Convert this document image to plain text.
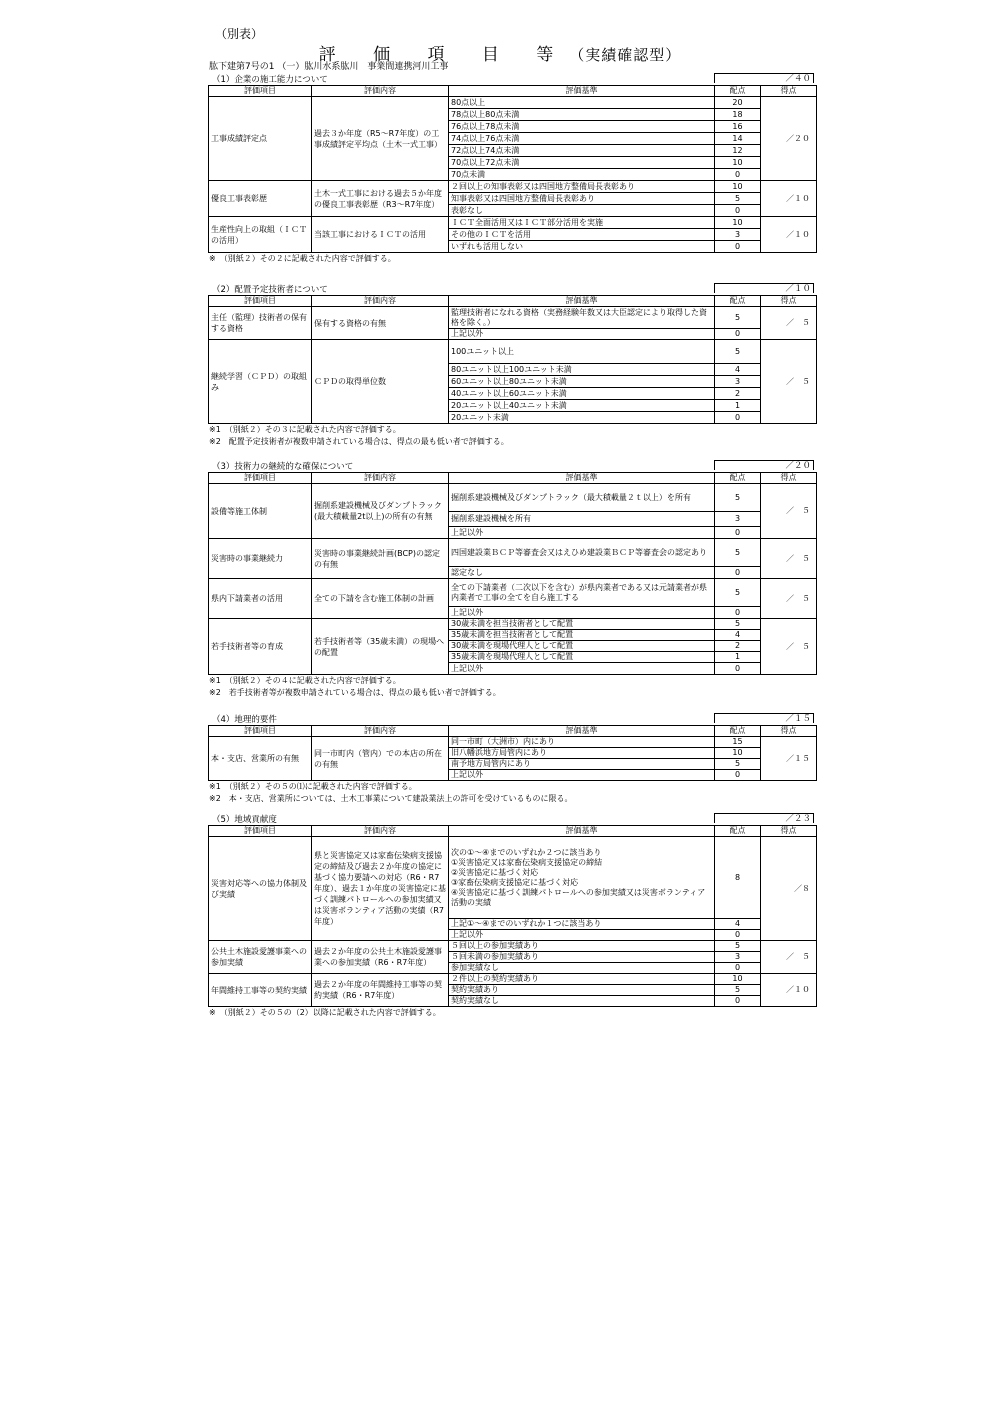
（別表）
評 価 項 目 等（実績確認型）
肱下建第7号の1 （一）肱川水系肱川　事業間連携河川工事
（1）企業の施工能力について	／４０
評価項目	評価内容	評価基準	配点	得点
工事成績評定点	過去３か年度（R5～R7年度）の工事成績評定平均点（土木一式工事）	80点以上	20	／２０
		78点以上80点未満	18	
		76点以上78点未満	16	
		74点以上76点未満	14	
		72点以上74点未満	12	
		70点以上72点未満	10	
		70点未満	0	
優良工事表彰歴	土木一式工事における過去５か年度の優良工事表彰歴（R3～R7年度）	２回以上の知事表彰又は四国地方整備局長表彰あり	10	／１０
		知事表彰又は四国地方整備局長表彰あり	5	
		表彰なし	0	
生産性向上の取組（ＩＣＴの活用）	当該工事におけるＩＣＴの活用	ＩＣＴ全面活用又はＩＣＴ部分活用を実施	10	／１０
		その他のＩＣＴを活用	3	
		いずれも活用しない	0	
※　（別紙２）その２に記載された内容で評価する。
（2）配置予定技術者について	／１０
評価項目	評価内容	評価基準	配点	得点
主任（監理）技術者の保有する資格	保有する資格の有無	監理技術者になれる資格（実務経験年数又は大臣認定により取得した資格を除く。）	5	／　５
		上記以外	0	
継続学習（ＣＰＤ）の取組み	ＣＰＤの取得単位数	100ユニット以上	5	／　５
		80ユニット以上100ユニット未満	4	
		60ユニット以上80ユニット未満	3	
		40ユニット以上60ユニット未満	2	
		20ユニット以上40ユニット未満	1	
		20ユニット未満	0	
※1　（別紙２）その３に記載された内容で評価する。
※2　配置予定技術者が複数申請されている場合は、得点の最も低い者で評価する。
（3）技術力の継続的な確保について	／２０
評価項目	評価内容	評価基準	配点	得点
設備等施工体制	掘削系建設機械及びダンプトラック(最大積載量2t以上)の所有の有無	掘削系建設機械及びダンプトラック（最大積載量２ｔ以上）を所有	5	／　５
		掘削系建設機械を所有	3	
		上記以外	0	
災害時の事業継続力	災害時の事業継続計画(BCP)の認定の有無	四国建設業ＢＣＰ等審査会又はえひめ建設業ＢＣＰ等審査会の認定あり	5	／　５
		認定なし	0	
県内下請業者の活用	全ての下請を含む施工体制の計画	全ての下請業者（二次以下を含む）が県内業者である又は元請業者が県内業者で工事の全てを自ら施工する	5	／　５
		上記以外	0	
若手技術者等の育成	若手技術者等（35歳未満）の現場への配置	30歳未満を担当技術者として配置	5	／　５
		35歳未満を担当技術者として配置	4	
		30歳未満を現場代理人として配置	2	
		35歳未満を現場代理人として配置	1	
		上記以外	0	
※1　（別紙２）その４に記載された内容で評価する。
※2　若手技術者等が複数申請されている場合は、得点の最も低い者で評価する。
（4）地理的要件	／１５
評価項目	評価内容	評価基準	配点	得点
本・支店、営業所の有無	同一市町内（管内）での本店の所在の有無	同一市町（大洲市）内にあり	15	／１５
		旧八幡浜地方局管内にあり	10	
		南予地方局管内にあり	5	
		上記以外	0	
※1　（別紙２）その５の⑴に記載された内容で評価する。
※2　本・支店、営業所については、土木工事業について建設業法上の許可を受けているものに限る。
（5）地域貢献度	／２３
評価項目	評価内容	評価基準	配点	得点
災害対応等への協力体制及び実績	県と災害協定又は家畜伝染病支援協定の締結及び過去２か年度の協定に基づく協力要請への対応（R6・R7年度）、過去１か年度の災害協定に基づく訓練パトロールへの参加実績又は災害ボランティア活動の実績（R7年度）	次の①～④までのいずれか２つに該当あり
①災害協定又は家畜伝染病支援協定の締結
②災害協定に基づく対応
③家畜伝染病支援協定に基づく対応
④災害協定に基づく訓練パトロールへの参加実績又は災害ボランティア活動の実績	8	／８
		上記①～④までのいずれか１つに該当あり	4	
		上記以外	0	
公共土木施設愛護事業への参加実績	過去２か年度の公共土木施設愛護事業への参加実績（R6・R7年度）	５回以上の参加実績あり	5	／　５
		５回未満の参加実績あり	3	
		参加実績なし	0	
年間維持工事等の契約実績	過去２か年度の年間維持工事等の契約実績（R6・R7年度）	２件以上の契約実績あり	10	／１０
		契約実績あり	5	
		契約実績なし	0	
※　（別紙２）その５の（2）以降に記載された内容で評価する。
